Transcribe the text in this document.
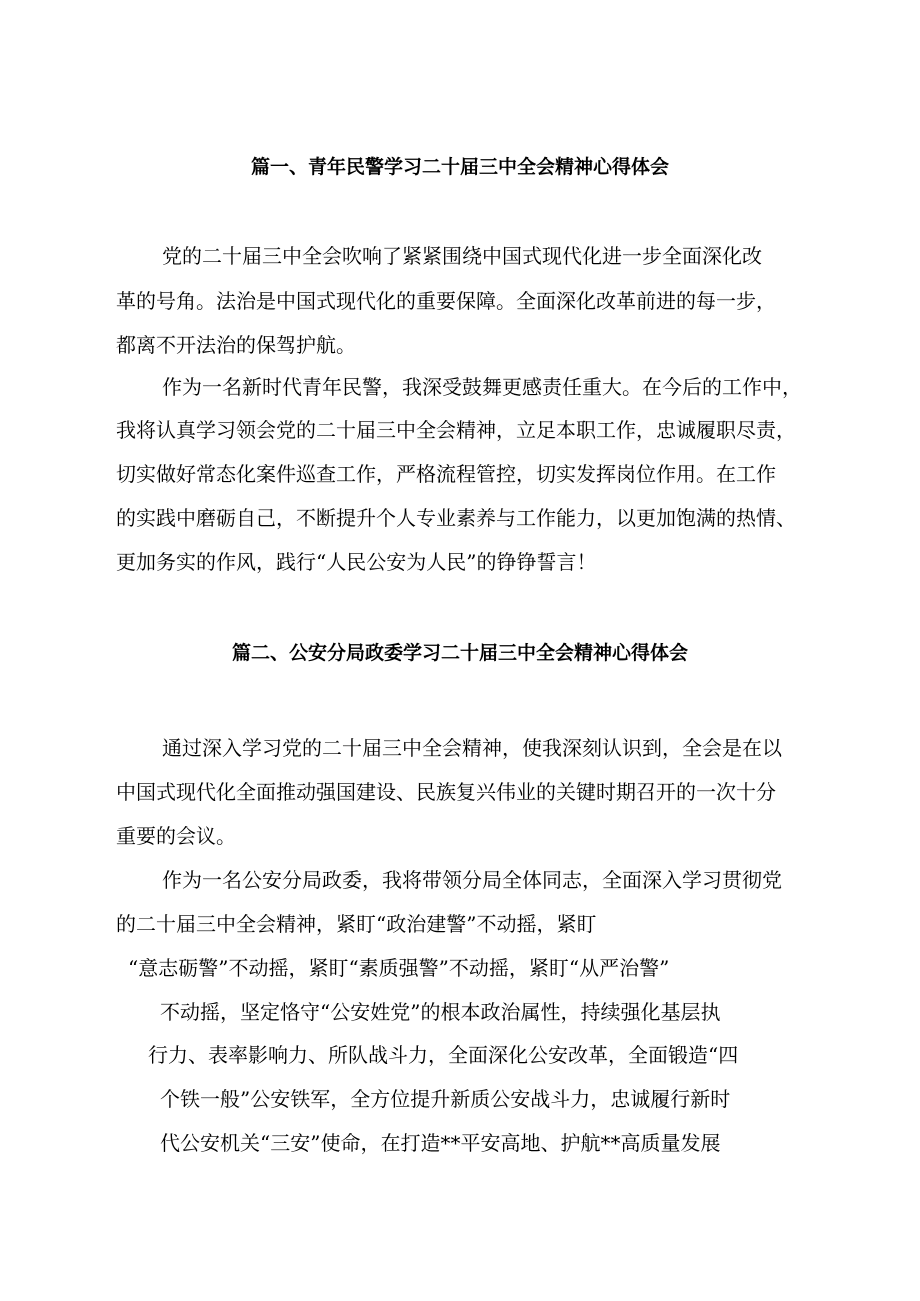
篇一、青年民警学习二十届三中全会精神心得体会
党的二十届三中全会吹响了紧紧围绕中国式现代化进一步全面深化改
革的号角。法治是中国式现代化的重要保障。全面深化改革前进的每一步，
都离不开法治的保驾护航。
作为一名新时代青年民警，我深受鼓舞更感责任重大。在今后的工作中，
我将认真学习领会党的二十届三中全会精神，立足本职工作，忠诚履职尽责，
切实做好常态化案件巡查工作，严格流程管控，切实发挥岗位作用。在工作
的实践中磨砺自己，不断提升个人专业素养与工作能力，以更加饱满的热情、
更加务实的作风，践行“人民公安为人民”的铮铮誓言！
篇二、公安分局政委学习二十届三中全会精神心得体会
通过深入学习党的二十届三中全会精神，使我深刻认识到，全会是在以
中国式现代化全面推动强国建设、民族复兴伟业的关键时期召开的一次十分
重要的会议。
作为一名公安分局政委，我将带领分局全体同志，全面深入学习贯彻党
的二十届三中全会精神，紧盯“政治建警”不动摇，紧盯
“意志砺警”不动摇，紧盯“素质强警”不动摇，紧盯“从严治警”
不动摇，坚定恪守“公安姓党”的根本政治属性，持续强化基层执
行力、表率影响力、所队战斗力，全面深化公安改革，全面锻造“四
个铁一般”公安铁军，全方位提升新质公安战斗力，忠诚履行新时
代公安机关“三安”使命，在打造**平安高地、护航**高质量发展
